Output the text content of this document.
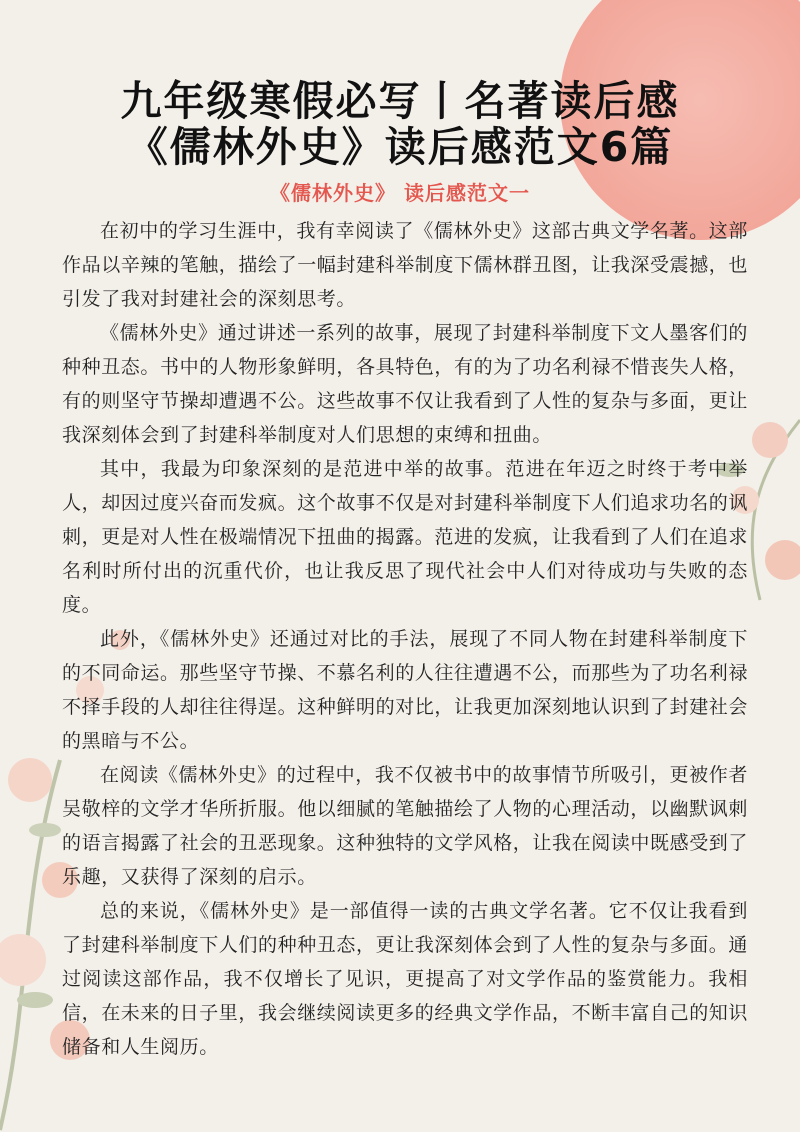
九年级寒假必写丨名著读后感
《儒林外史》读后感范文6篇
《儒林外史》 读后感范文一

在初中的学习生涯中，我有幸阅读了《儒林外史》这部古典文学名著。这部作品以辛辣的笔触，描绘了一幅封建科举制度下儒林群丑图，让我深受震撼，也引发了我对封建社会的深刻思考。

《儒林外史》通过讲述一系列的故事，展现了封建科举制度下文人墨客们的种种丑态。书中的人物形象鲜明，各具特色，有的为了功名利禄不惜丧失人格，有的则坚守节操却遭遇不公。这些故事不仅让我看到了人性的复杂与多面，更让我深刻体会到了封建科举制度对人们思想的束缚和扭曲。

其中，我最为印象深刻的是范进中举的故事。范进在年迈之时终于考中举人，却因过度兴奋而发疯。这个故事不仅是对封建科举制度下人们追求功名的讽刺，更是对人性在极端情况下扭曲的揭露。范进的发疯，让我看到了人们在追求名利时所付出的沉重代价，也让我反思了现代社会中人们对待成功与失败的态度。

此外，《儒林外史》还通过对比的手法，展现了不同人物在封建科举制度下的不同命运。那些坚守节操、不慕名利的人往往遭遇不公，而那些为了功名利禄不择手段的人却往往得逞。这种鲜明的对比，让我更加深刻地认识到了封建社会的黑暗与不公。

在阅读《儒林外史》的过程中，我不仅被书中的故事情节所吸引，更被作者吴敬梓的文学才华所折服。他以细腻的笔触描绘了人物的心理活动，以幽默讽刺的语言揭露了社会的丑恶现象。这种独特的文学风格，让我在阅读中既感受到了乐趣，又获得了深刻的启示。

总的来说，《儒林外史》是一部值得一读的古典文学名著。它不仅让我看到了封建科举制度下人们的种种丑态，更让我深刻体会到了人性的复杂与多面。通过阅读这部作品，我不仅增长了见识，更提高了对文学作品的鉴赏能力。我相信，在未来的日子里，我会继续阅读更多的经典文学作品，不断丰富自己的知识储备和人生阅历。
